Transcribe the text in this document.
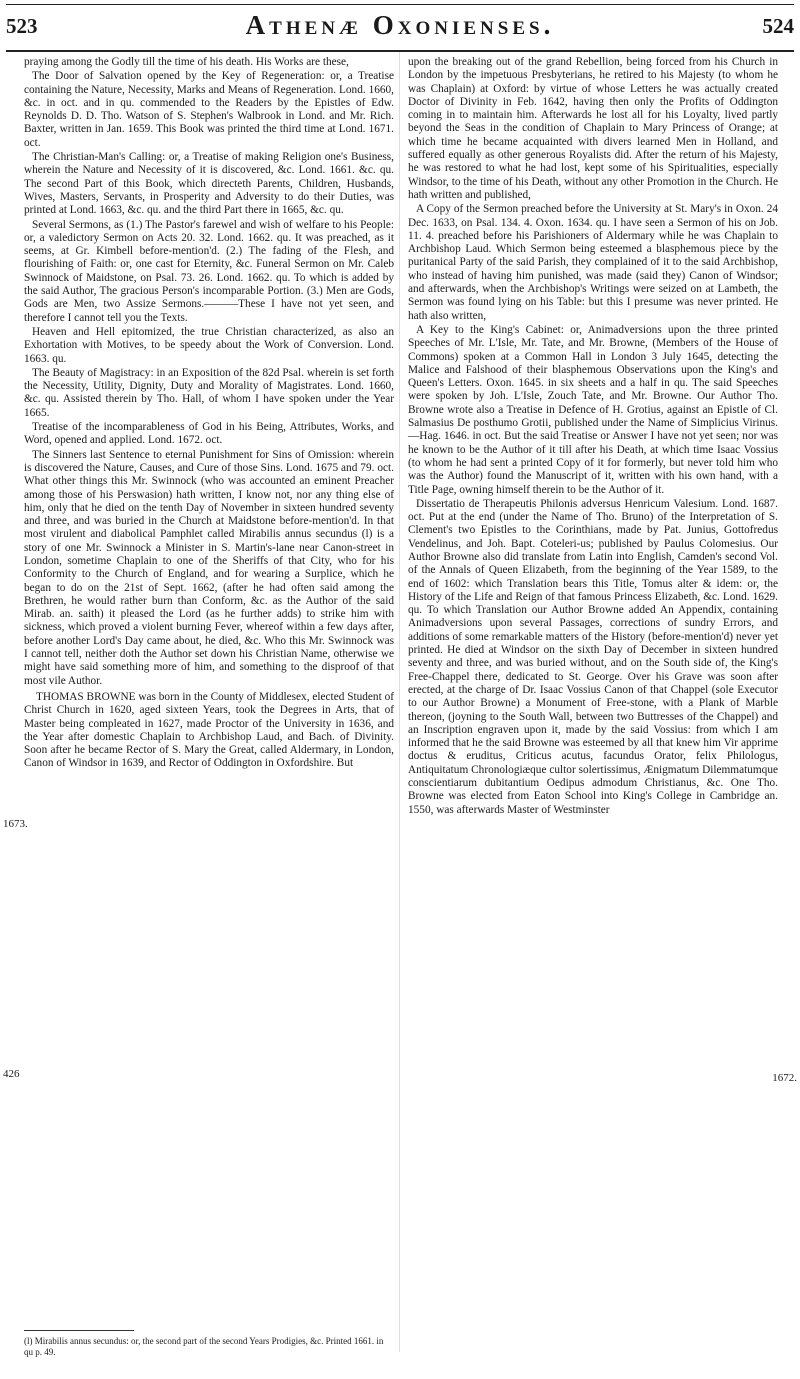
523	Athenæ Oxonienses.	524
1673.
426	1672.

praying among the Godly till the time of his death. His Works are these,

The Door of Salvation opened by the Key of Regeneration: or, a Treatise containing the Nature, Necessity, Marks and Means of Regeneration. Lond. 1660, &c. in oct. and in qu. commended to the Readers by the Epistles of Edw. Reynolds D. D. Tho. Watson of S. Stephen's Walbrook in Lond. and Mr. Rich. Baxter, written in Jan. 1659. This Book was printed the third time at Lond. 1671. oct.

The Christian-Man's Calling: or, a Treatise of making Religion one's Business, wherein the Nature and Necessity of it is discovered, &c. Lond. 1661. &c. qu. The second Part of this Book, which directeth Parents, Children, Husbands, Wives, Masters, Servants, in Prosperity and Adversity to do their Duties, was printed at Lond. 1663, &c. qu. and the third Part there in 1665, &c. qu.

Several Sermons, as (1.) The Pastor's farewel and wish of welfare to his People: or, a valedictory Sermon on Acts 20. 32. Lond. 1662. qu. It was preached, as it seems, at Gr. Kimbell before-mention'd. (2.) The fading of the Flesh, and flourishing of Faith: or, one cast for Eternity, &c. Funeral Sermon on Mr. Caleb Swinnock of Maidstone, on Psal. 73. 26. Lond. 1662. qu. To which is added by the said Author, The gracious Person's incomparable Portion. (3.) Men are Gods, Gods are Men, two Assize Sermons.———These I have not yet seen, and therefore I cannot tell you the Texts.

Heaven and Hell epitomized, the true Christian characterized, as also an Exhortation with Motives, to be speedy about the Work of Conversion. Lond. 1663. qu.

The Beauty of Magistracy: in an Exposition of the 82d Psal. wherein is set forth the Necessity, Utility, Dignity, Duty and Morality of Magistrates. Lond. 1660, &c. qu. Assisted therein by Tho. Hall, of whom I have spoken under the Year 1665.

Treatise of the incomparableness of God in his Being, Attributes, Works, and Word, opened and applied. Lond. 1672. oct.

The Sinners last Sentence to eternal Punishment for Sins of Omission: wherein is discovered the Nature, Causes, and Cure of those Sins. Lond. 1675 and 79. oct. What other things this Mr. Swinnock (who was accounted an eminent Preacher among those of his Perswasion) hath written, I know not, nor any thing else of him, only that he died on the tenth Day of November in sixteen hundred seventy and three, and was buried in the Church at Maidstone before-mention'd. In that most virulent and diabolical Pamphlet called Mirabilis annus secundus (l) is a story of one Mr. Swinnock a Minister in S. Martin's-lane near Canon-street in London, sometime Chaplain to one of the Sheriffs of that City, who for his Conformity to the Church of England, and for wearing a Surplice, which he began to do on the 21st of Sept. 1662, (after he had often said among the Brethren, he would rather burn than Conform, &c. as the Author of the said Mirab. an. saith) it pleased the Lord (as he further adds) to strike him with sickness, which proved a violent burning Fever, whereof within a few days after, before another Lord's Day came about, he died, &c. Who this Mr. Swinnock was I cannot tell, neither doth the Author set down his Christian Name, otherwise we might have said something more of him, and something to the disproof of that most vile Author.

THOMAS BROWNE was born in the County of Middlesex, elected Student of Christ Church in 1620, aged sixteen Years, took the Degrees in Arts, that of Master being compleated in 1627, made Proctor of the University in 1636, and the Year after domestic Chaplain to Archbishop Laud, and Bach. of Divinity. Soon after he became Rector of S. Mary the Great, called Aldermary, in London, Canon of Windsor in 1639, and Rector of Oddington in Oxfordshire. But

upon the breaking out of the grand Rebellion, being forced from his Church in London by the impetuous Presbyterians, he retired to his Majesty (to whom he was Chaplain) at Oxford: by virtue of whose Letters he was actually created Doctor of Divinity in Feb. 1642, having then only the Profits of Oddington coming in to maintain him. Afterwards he lost all for his Loyalty, lived partly beyond the Seas in the condition of Chaplain to Mary Princess of Orange; at which time he became acquainted with divers learned Men in Holland, and suffered equally as other generous Royalists did. After the return of his Majesty, he was restored to what he had lost, kept some of his Spiritualities, especially Windsor, to the time of his Death, without any other Promotion in the Church. He hath written and published,

A Copy of the Sermon preached before the University at St. Mary's in Oxon. 24 Dec. 1633, on Psal. 134. 4. Oxon. 1634. qu. I have seen a Sermon of his on Job. 11. 4. preached before his Parishioners of Aldermary while he was Chaplain to Archbishop Laud. Which Sermon being esteemed a blasphemous piece by the puritanical Party of the said Parish, they complained of it to the said Archbishop, who instead of having him punished, was made (said they) Canon of Windsor; and afterwards, when the Archbishop's Writings were seized on at Lambeth, the Sermon was found lying on his Table: but this I presume was never printed. He hath also written,

A Key to the King's Cabinet: or, Animadversions upon the three printed Speeches of Mr. L'Isle, Mr. Tate, and Mr. Browne, (Members of the House of Commons) spoken at a Common Hall in London 3 July 1645, detecting the Malice and Falshood of their blasphemous Observations upon the King's and Queen's Letters. Oxon. 1645. in six sheets and a half in qu. The said Speeches were spoken by Joh. L'Isle, Zouch Tate, and Mr. Browne. Our Author Tho. Browne wrote also a Treatise in Defence of H. Grotius, against an Epistle of Cl. Salmasius De posthumo Grotii, published under the Name of Simplicius Virinus.—Hag. 1646. in oct. But the said Treatise or Answer I have not yet seen; nor was he known to be the Author of it till after his Death, at which time Isaac Vossius (to whom he had sent a printed Copy of it for formerly, but never told him who was the Author) found the Manuscript of it, written with his own hand, with a Title Page, owning himself therein to be the Author of it.

Dissertatio de Therapeutis Philonis adversus Henricum Valesium. Lond. 1687. oct. Put at the end (under the Name of Tho. Bruno) of the Interpretation of S. Clement's two Epistles to the Corinthians, made by Pat. Junius, Gottofredus Vendelinus, and Joh. Bapt. Coteleri-us; published by Paulus Colomesius. Our Author Browne also did translate from Latin into English, Camden's second Vol. of the Annals of Queen Elizabeth, from the beginning of the Year 1589, to the end of 1602: which Translation bears this Title, Tomus alter & idem: or, the History of the Life and Reign of that famous Princess Elizabeth, &c. Lond. 1629. qu. To which Translation our Author Browne added An Appendix, containing Animadversions upon several Passages, corrections of sundry Errors, and additions of some remarkable matters of the History (before-mention'd) never yet printed. He died at Windsor on the sixth Day of December in sixteen hundred seventy and three, and was buried without, and on the South side of, the King's Free-Chappel there, dedicated to St. George. Over his Grave was soon after erected, at the charge of Dr. Isaac Vossius Canon of that Chappel (sole Executor to our Author Browne) a Monument of Free-stone, with a Plank of Marble thereon, (joyning to the South Wall, between two Buttresses of the Chappel) and an Inscription engraven upon it, made by the said Vossius: from which I am informed that he the said Browne was esteemed by all that knew him Vir apprime doctus & eruditus, Criticus acutus, facundus Orator, felix Philologus, Antiquitatum Chronologiæque cultor solertissimus, Ænigmatum Dilemmatumque conscientiarum dubitantium Oedipus admodum Christianus, &c. One Tho. Browne was elected from Eaton School into King's College in Cambridge an. 1550, was afterwards Master of Westminster

(l) Mirabilis annus secundus: or, the second part of the second Years Prodigies, &c. Printed 1661. in qu p. 49.
